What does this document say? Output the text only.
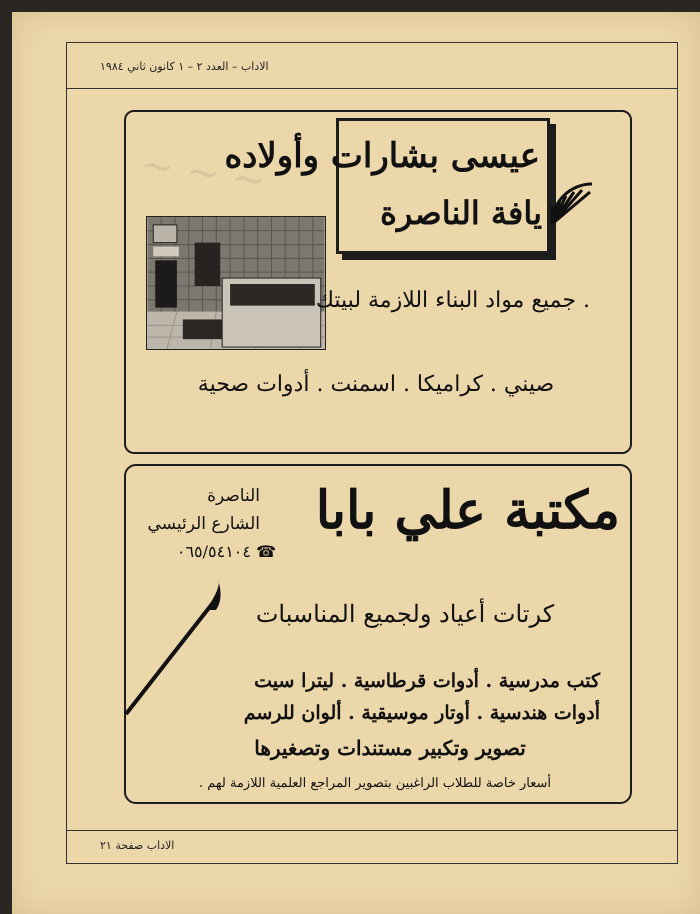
الاداب – العدد ٢ – ١ كانون ثاني ١٩٨٤
الاداب صفحة ٢١
~ ~ ~
عيسى بشارات وأولاده
يافة الناصرة
. جميع مواد البناء اللازمة لبيتك
صيني . كراميكا . اسمنت . أدوات صحية
مكتبة علي بابا
الناصرة
الشارع الرئيسي
٠٦٥/٥٤١٠٤ ☎
كرتات أعياد ولجميع المناسبات
كتب مدرسية . أدوات قرطاسية . ليترا سيت
أدوات هندسية . أوتار موسيقية . ألوان للرسم
تصوير وتكبير مستندات وتصغيرها
أسعار خاصة للطلاب الراغبين بتصوير المراجع العلمية اللازمة لهم .
